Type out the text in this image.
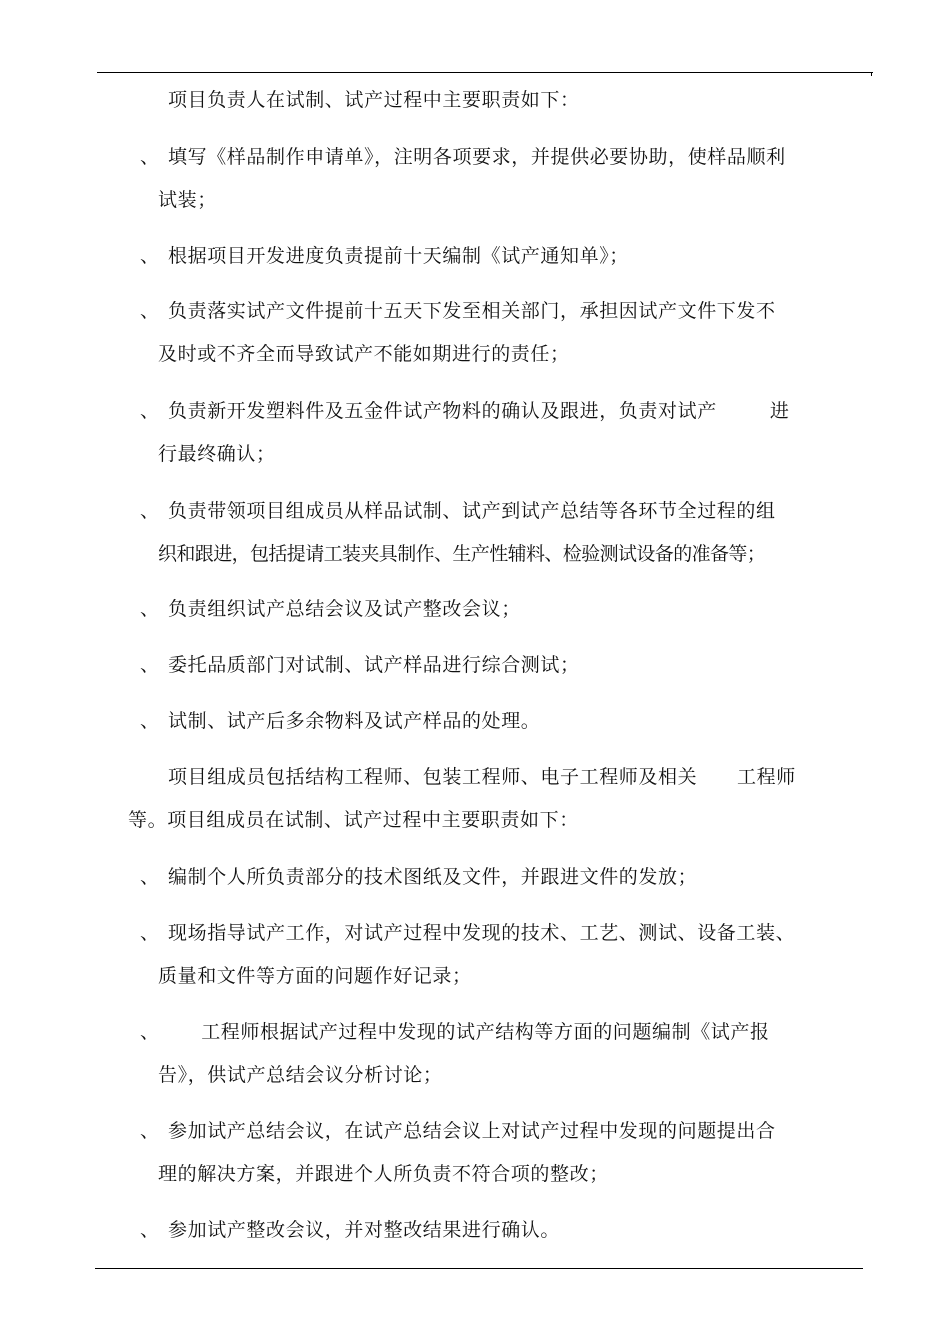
项目负责人在试制、试产过程中主要职责如下：
、 填写《样品制作申请单》，注明各项要求，并提供必要协助，使样品顺利
试装；
、 根据项目开发进度负责提前十天编制《试产通知单》；
、 负责落实试产文件提前十五天下发至相关部门，承担因试产文件下发不
及时或不齐全而导致试产不能如期进行的责任；
、 负责新开发塑料件及五金件试产物料的确认及跟进，负责对试产        进
行最终确认；
、 负责带领项目组成员从样品试制、试产到试产总结等各环节全过程的组
织和跟进，包括提请工装夹具制作、生产性辅料、检验测试设备的准备等；
、 负责组织试产总结会议及试产整改会议；
、 委托品质部门对试制、试产样品进行综合测试；
、 试制、试产后多余物料及试产样品的处理。
项目组成员包括结构工程师、包装工程师、电子工程师及相关      工程师
等。项目组成员在试制、试产过程中主要职责如下：
、 编制个人所负责部分的技术图纸及文件，并跟进文件的发放；
、 现场指导试产工作，对试产过程中发现的技术、工艺、测试、设备工装、
质量和文件等方面的问题作好记录；
、 工程师根据试产过程中发现的试产结构等方面的问题编制《试产报
告》，供试产总结会议分析讨论；
、 参加试产总结会议，在试产总结会议上对试产过程中发现的问题提出合
理的解决方案，并跟进个人所负责不符合项的整改；
、 参加试产整改会议，并对整改结果进行确认。
